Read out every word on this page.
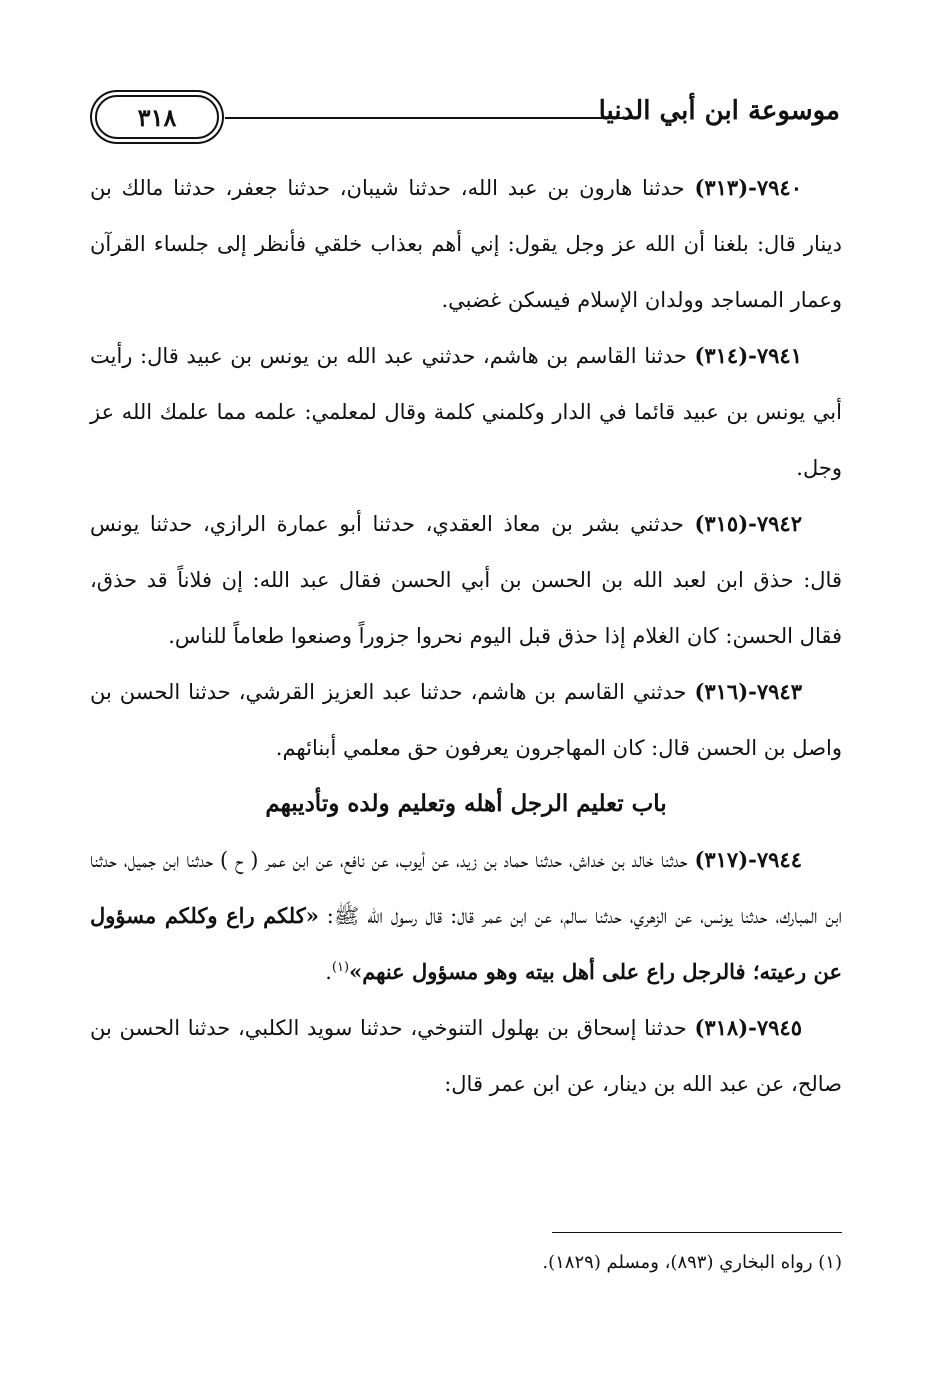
٣١٨	موسوعة ابن أبي الدنيا

٧٩٤٠-(٣١٣) حدثنا هارون بن عبد الله، حدثنا شيبان، حدثنا جعفر، حدثنا مالك بن دينار قال: بلغنا أن الله عز وجل يقول: إني أهم بعذاب خلقي فأنظر إلى جلساء القرآن وعمار المساجد وولدان الإسلام فيسكن غضبي.

٧٩٤١-(٣١٤) حدثنا القاسم بن هاشم، حدثني عبد الله بن يونس بن عبيد قال: رأيت أبي يونس بن عبيد قائما في الدار وكلمني كلمة وقال لمعلمي: علمه مما علمك الله عز وجل.

٧٩٤٢-(٣١٥) حدثني بشر بن معاذ العقدي، حدثنا أبو عمارة الرازي، حدثنا يونس قال: حذق ابن لعبد الله بن الحسن بن أبي الحسن فقال عبد الله: إن فلاناً قد حذق، فقال الحسن: كان الغلام إذا حذق قبل اليوم نحروا جزوراً وصنعوا طعاماً للناس.

٧٩٤٣-(٣١٦) حدثني القاسم بن هاشم، حدثنا عبد العزيز القرشي، حدثنا الحسن بن واصل بن الحسن قال: كان المهاجرون يعرفون حق معلمي أبنائهم.

باب تعليم الرجل أهله وتعليم ولده وتأديبهم

٧٩٤٤-(٣١٧) حدثنا خالد بن خداش، حدثنا حماد بن زيد، عن أيوب، عن نافع، عن ابن عمر ( ح ) حدثنا ابن جميل، حدثنا ابن المبارك، حدثنا يونس، عن الزهري، حدثنا سالم، عن ابن عمر قال: قال رسول الله ﷺ: «كلكم راع وكلكم مسؤول عن رعيته؛ فالرجل راع على أهل بيته وهو مسؤول عنهم»$^{(١)}$.

٧٩٤٥-(٣١٨) حدثنا إسحاق بن بهلول التنوخي، حدثنا سويد الكلبي، حدثنا الحسن بن صالح، عن عبد الله بن دينار، عن ابن عمر قال:

(١) رواه البخاري (٨٩٣)، ومسلم (١٨٢٩).
